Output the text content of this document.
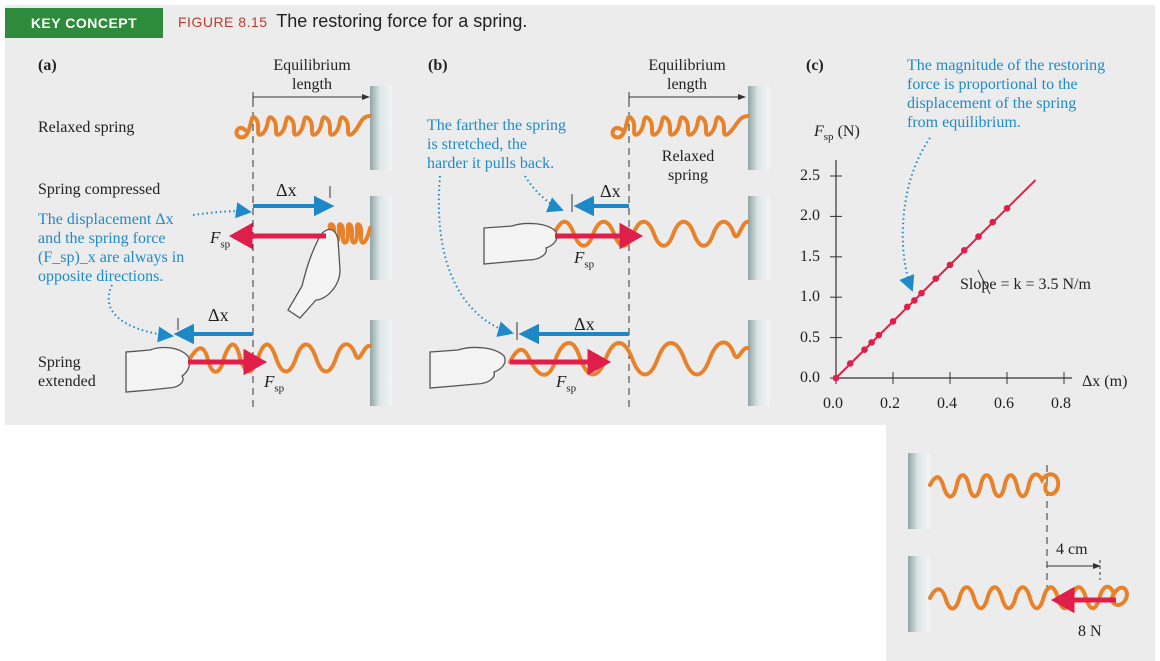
KEY CONCEPT	FIGURE 8.15 The restoring force for a spring.
(a)	Equilibrium
length
Relaxed spring
Spring compressed
The displacement Δx
and the spring force
(F_sp)_x are always in
opposite directions.
Spring
extended
Δx
Δx
$F_{sp}$
$F_{sp}$
(b)	Equilibrium
length
The farther the spring
is stretched, the
harder it pulls back.	Relaxed
spring
Δx
Δx
$F_{sp}$
$F_{sp}$
(c)	The magnitude of the restoring
force is proportional to the
displacement of the spring
from equilibrium.
$F_{sp}$ (N)
Δx (m)
Slope = k = 3.5 N/m
0.0
0.5
1.0
1.5
2.0
2.5
0.0 0.2 0.4 0.6 0.8
4 cm
8 N
